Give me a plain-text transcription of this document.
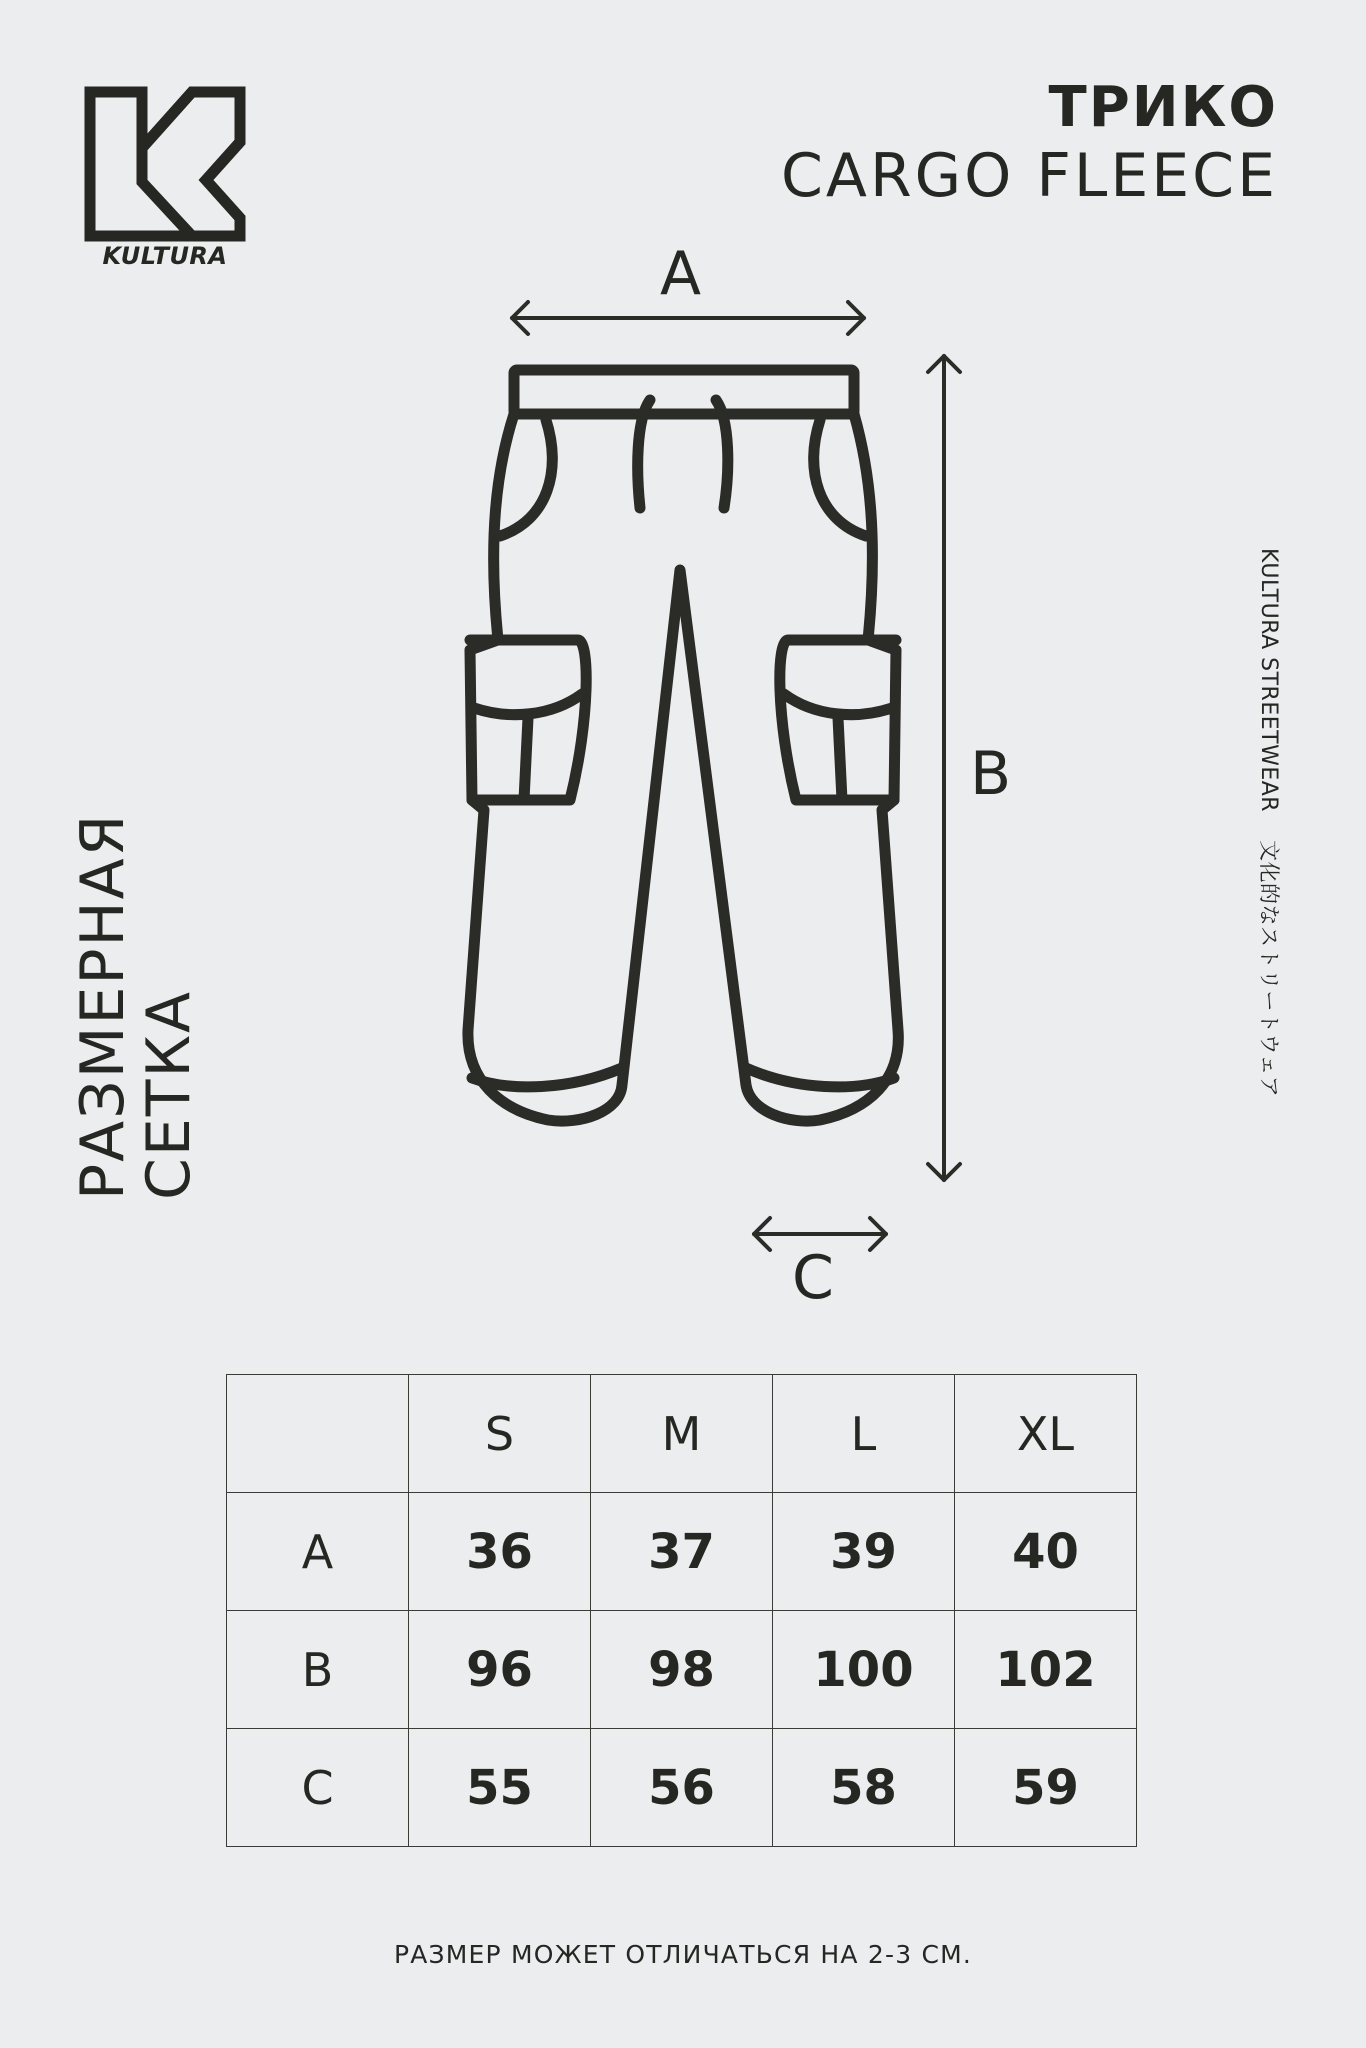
KULTURA
ТРИКО
CARGO FLEECE
РАЗМЕРНАЯ
СЕТКА
KULTURA STREETWEAR文化的なストリートウェア
A
B
C
	S	M	L	XL
A	36	37	39	40
B	96	98	100	102
C	55	56	58	59
РАЗМЕР МОЖЕТ ОТЛИЧАТЬСЯ НА 2-3 СМ.
